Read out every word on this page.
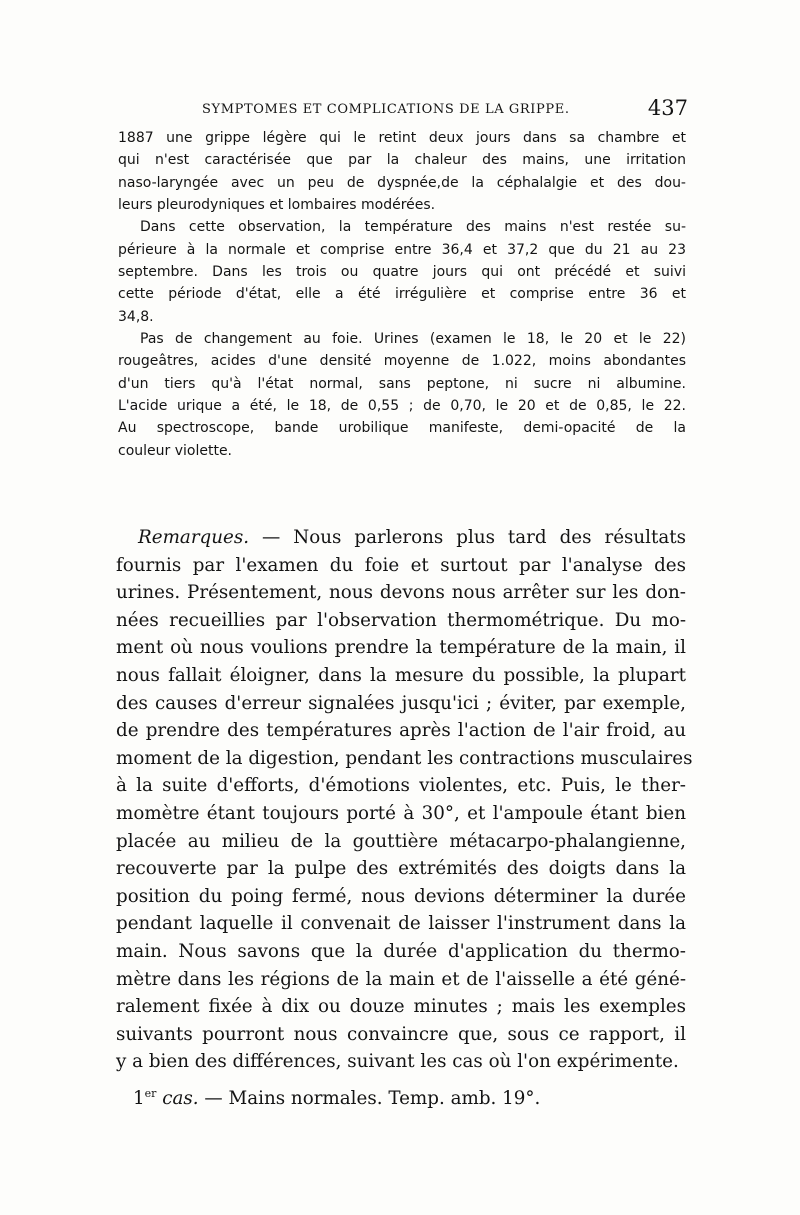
SYMPTOMES ET COMPLICATIONS DE LA GRIPPE.	437
1887 une grippe légère qui le retint deux jours dans sa chambre et
qui n'est caractérisée que par la chaleur des mains, une irritation
naso-laryngée avec un peu de dyspnée,de la céphalalgie et des dou-
leurs pleurodyniques et lombaires modérées.
Dans cette observation, la température des mains n'est restée su-
périeure à la normale et comprise entre 36,4 et 37,2 que du 21 au 23
septembre. Dans les trois ou quatre jours qui ont précédé et suivi
cette période d'état, elle a été irrégulière et comprise entre 36 et
34,8.
Pas de changement au foie. Urines (examen le 18, le 20 et le 22)
rougeâtres, acides d'une densité moyenne de 1.022, moins abondantes
d'un tiers qu'à l'état normal, sans peptone, ni sucre ni albumine.
L'acide urique a été, le 18, de 0,55 ; de 0,70, le 20 et de 0,85, le 22.
Au spectroscope, bande urobilique manifeste, demi-opacité de la
couleur violette.
Remarques. — Nous parlerons plus tard des résultats
fournis par l'examen du foie et surtout par l'analyse des
urines. Présentement, nous devons nous arrêter sur les don-
nées recueillies par l'observation thermométrique. Du mo-
ment où nous voulions prendre la température de la main, il
nous fallait éloigner, dans la mesure du possible, la plupart
des causes d'erreur signalées jusqu'ici ; éviter, par exemple,
de prendre des températures après l'action de l'air froid, au
moment de la digestion, pendant les contractions musculaires
à la suite d'efforts, d'émotions violentes, etc. Puis, le ther-
momètre étant toujours porté à 30°, et l'ampoule étant bien
placée au milieu de la gouttière métacarpo-phalangienne,
recouverte par la pulpe des extrémités des doigts dans la
position du poing fermé, nous devions déterminer la durée
pendant laquelle il convenait de laisser l'instrument dans la
main. Nous savons que la durée d'application du thermo-
mètre dans les régions de la main et de l'aisselle a été géné-
ralement fixée à dix ou douze minutes ; mais les exemples
suivants pourront nous convaincre que, sous ce rapport, il
y a bien des différences, suivant les cas où l'on expérimente.
1er cas. — Mains normales. Temp. amb. 19°.
